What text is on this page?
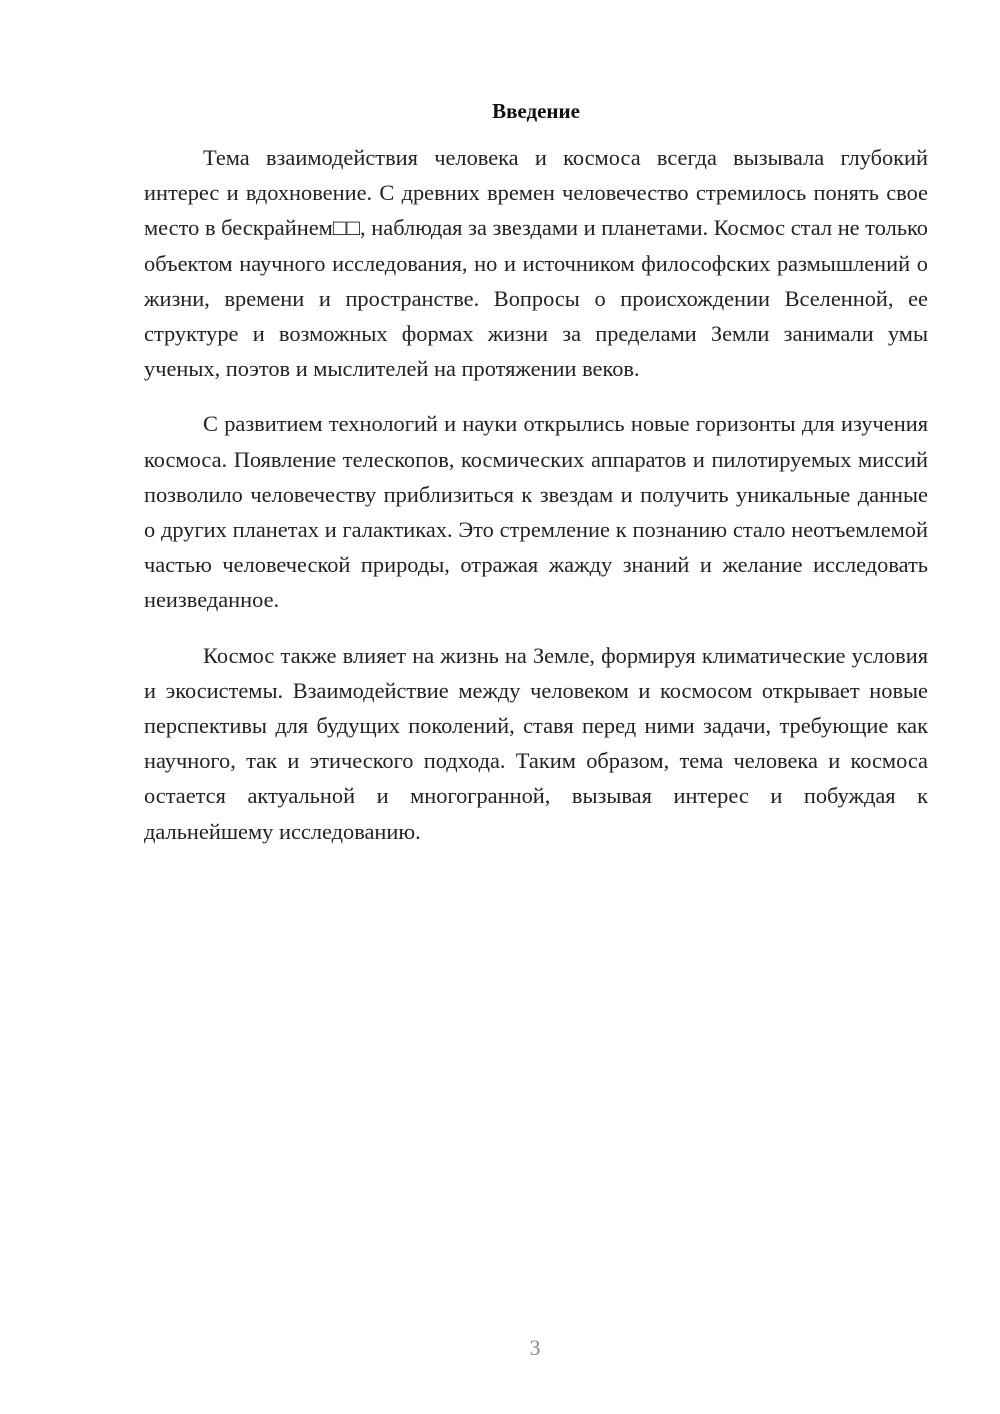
Введение

Тема взаимодействия человека и космоса всегда вызывала глубокий интерес и вдохновение. С древних времен человечество стремилось понять свое место в бескрайнем□□, наблюдая за звездами и планетами. Космос стал не только объектом научного исследования, но и источником философских размышлений о жизни, времени и пространстве. Вопросы о происхождении Вселенной, ее структуре и возможных формах жизни за пределами Земли занимали умы ученых, поэтов и мыслителей на протяжении веков.

С развитием технологий и науки открылись новые горизонты для изучения космоса. Появление телескопов, космических аппаратов и пилотируемых миссий позволило человечеству приблизиться к звездам и получить уникальные данные о других планетах и галактиках. Это стремление к познанию стало неотъемлемой частью человеческой природы, отражая жажду знаний и желание исследовать неизведанное.

Космос также влияет на жизнь на Земле, формируя климатические условия и экосистемы. Взаимодействие между человеком и космосом открывает новые перспективы для будущих поколений, ставя перед ними задачи, требующие как научного, так и этического подхода. Таким образом, тема человека и космоса остается актуальной и многогранной, вызывая интерес и побуждая к дальнейшему исследованию.

3
